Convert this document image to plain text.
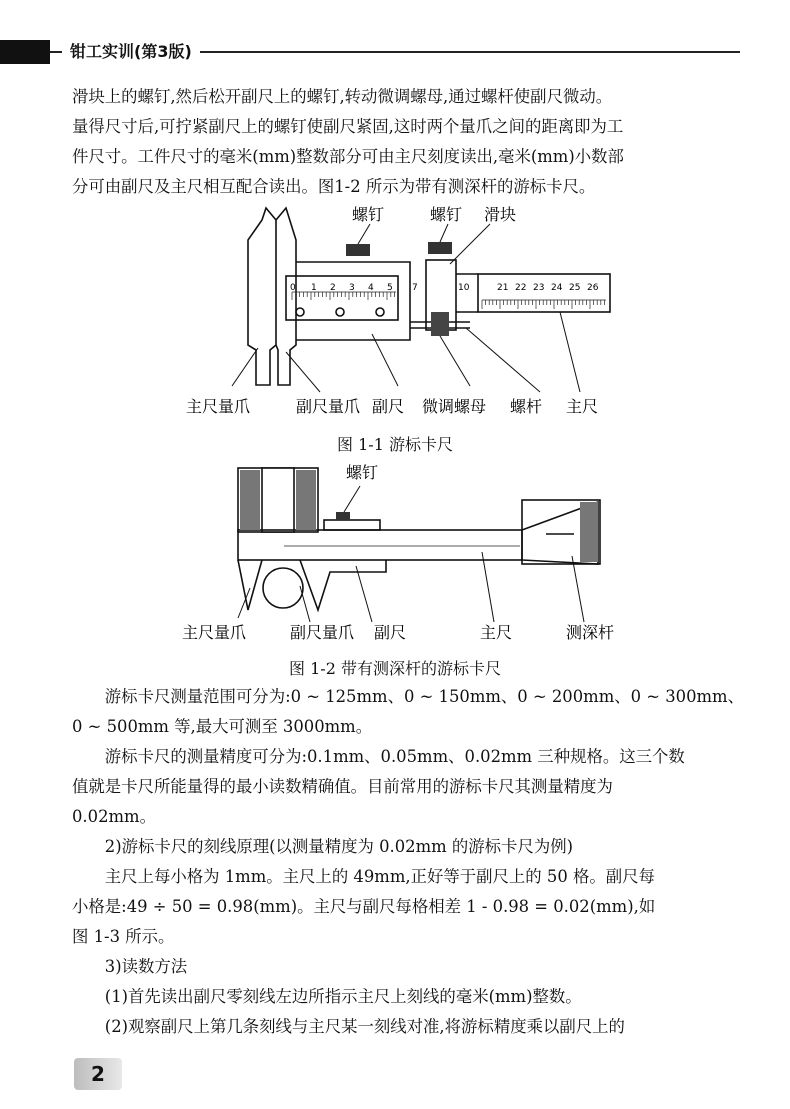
钳工实训(第3版)
滑块上的螺钉,然后松开副尺上的螺钉,转动微调螺母,通过螺杆使副尺微动。
量得尺寸后,可拧紧副尺上的螺钉使副尺紧固,这时两个量爪之间的距离即为工
件尺寸。工件尺寸的毫米(mm)整数部分可由主尺刻度读出,毫米(mm)小数部
分可由副尺及主尺相互配合读出。图1-2 所示为带有测深杆的游标卡尺。
0 1 2 3 4 5 7	10	21 22 23 24 25 26
螺钉	螺钉 滑块
主尺量爪	副尺量爪 副尺 微调螺母 螺杆 主尺
图 1-1 游标卡尺
螺钉
主尺量爪	副尺量爪 副尺	主尺	测深杆
图 1-2 带有测深杆的游标卡尺
游标卡尺测量范围可分为:0 ~ 125mm、0 ~ 150mm、0 ~ 200mm、0 ~ 300mm、
0 ~ 500mm 等,最大可测至 3000mm。
游标卡尺的测量精度可分为:0.1mm、0.05mm、0.02mm 三种规格。这三个数
值就是卡尺所能量得的最小读数精确值。目前常用的游标卡尺其测量精度为
0.02mm。
2)游标卡尺的刻线原理(以测量精度为 0.02mm 的游标卡尺为例)
主尺上每小格为 1mm。主尺上的 49mm,正好等于副尺上的 50 格。副尺每
小格是:49 ÷ 50 = 0.98(mm)。主尺与副尺每格相差 1 - 0.98 = 0.02(mm),如
图 1-3 所示。
3)读数方法
(1)首先读出副尺零刻线左边所指示主尺上刻线的毫米(mm)整数。
(2)观察副尺上第几条刻线与主尺某一刻线对准,将游标精度乘以副尺上的
2
